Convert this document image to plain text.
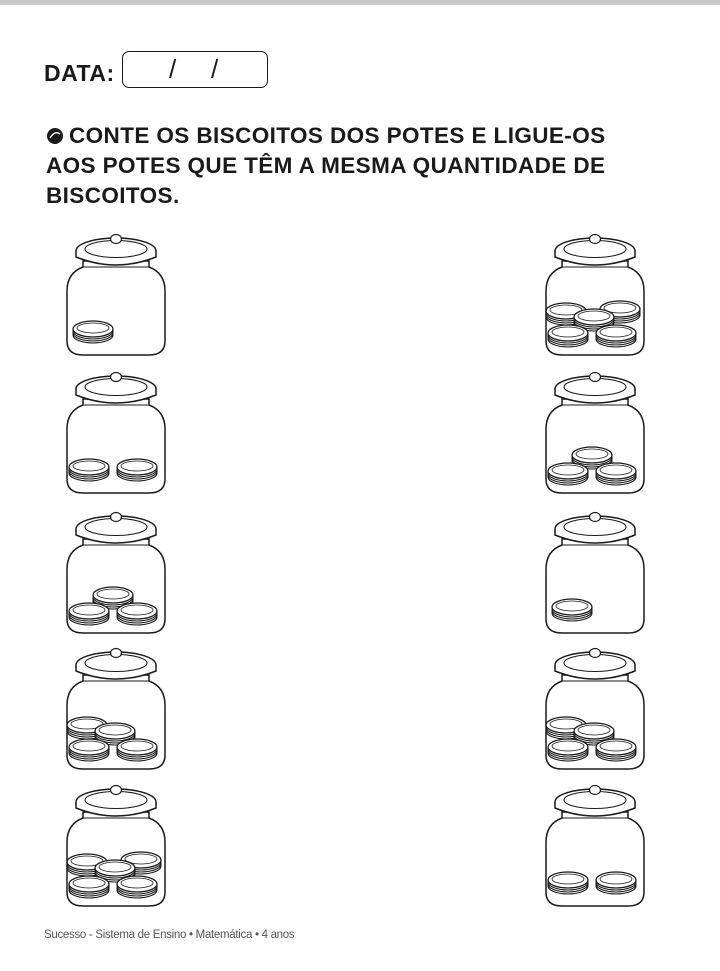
DATA: / /
CONTE OS BISCOITOS DOS POTES E LIGUE-OS
AOS POTES QUE TÊM A MESMA QUANTIDADE DE
BISCOITOS.
Sucesso - Sistema de Ensino • Matemática • 4 anos
